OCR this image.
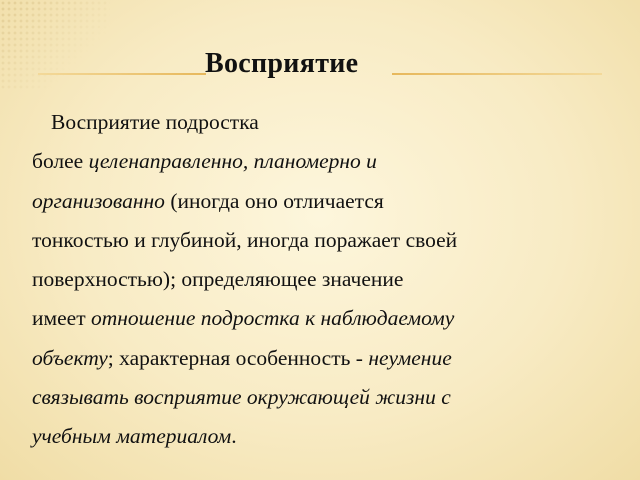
Восприятие
Восприятие подростка
более целенаправленно, планомерно и
организованно (иногда оно отличается
тонкостью и глубиной, иногда поражает своей
поверхностью); определяющее значение
имеет отношение подростка к наблюдаемому
объекту; характерная особенность - неумение
связывать восприятие окружающей жизни с
учебным материалом.
